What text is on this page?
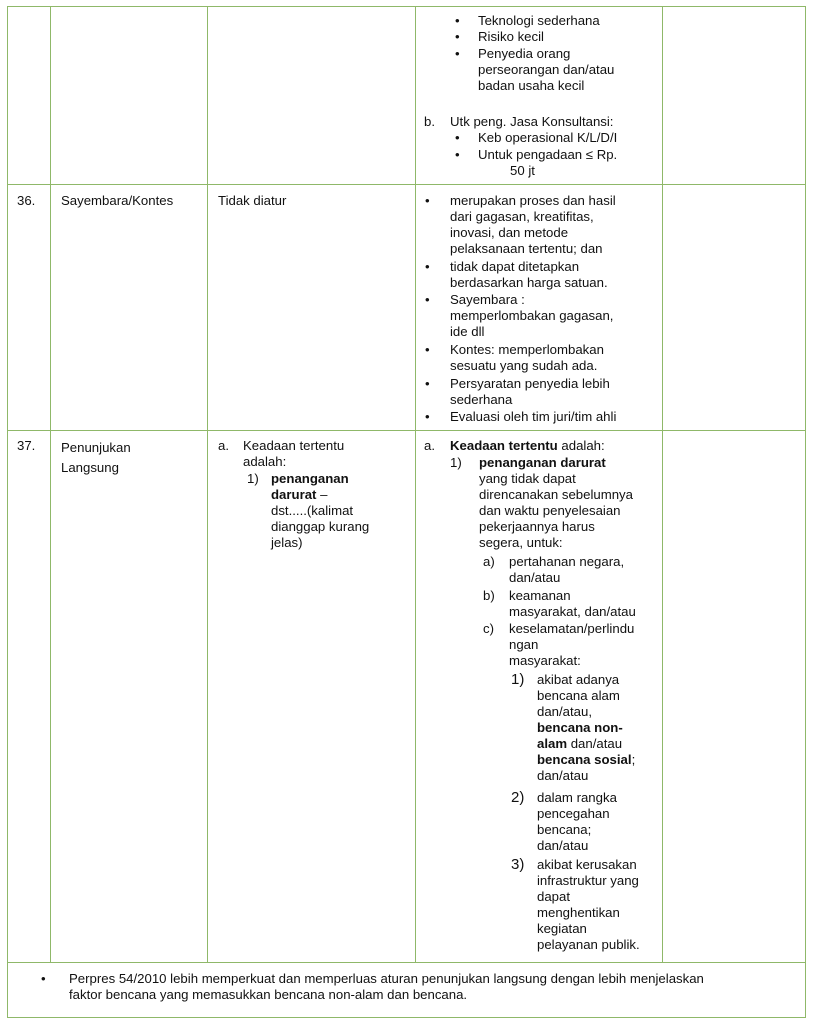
• Teknologi sederhana
• Risiko kecil
• Penyedia orang
perseorangan dan/atau
badan usaha kecil
b. Utk peng. Jasa Konsultansi:
• Keb operasional K/L/D/I
• Untuk pengadaan ≤ Rp.
50 jt
36. Sayembara/Kontes	Tidak diatur	• merupakan proses dan hasil
dari gagasan, kreatifitas,
inovasi, dan metode
pelaksanaan tertentu; dan
• tidak dapat ditetapkan
berdasarkan harga satuan.
• Sayembara :
memperlombakan gagasan,
ide dll
• Kontes: memperlombakan
sesuatu yang sudah ada.
• Persyaratan penyedia lebih
sederhana
• Evaluasi oleh tim juri/tim ahli
37. Penunjukan
Langsung
a. Keadaan tertentu
adalah:
1) penanganan
darurat –
dst.....(kalimat
dianggap kurang
jelas)
a. Keadaan tertentu adalah:
1) penanganan darurat
yang tidak dapat
direncanakan sebelumnya
dan waktu penyelesaian
pekerjaannya harus
segera, untuk:
a) pertahanan negara,
dan/atau
b) keamanan
masyarakat, dan/atau
c) keselamatan/perlindu
ngan
masyarakat:
1) akibat adanya
bencana alam
dan/atau,
bencana non-
alam dan/atau
bencana sosial;
dan/atau
2) dalam rangka
pencegahan
bencana;
dan/atau
3) akibat kerusakan
infrastruktur yang
dapat
menghentikan
kegiatan
pelayanan publik.
• Perpres 54/2010 lebih memperkuat dan memperluas aturan penunjukan langsung dengan lebih menjelaskan
faktor bencana yang memasukkan bencana non-alam dan bencana.
